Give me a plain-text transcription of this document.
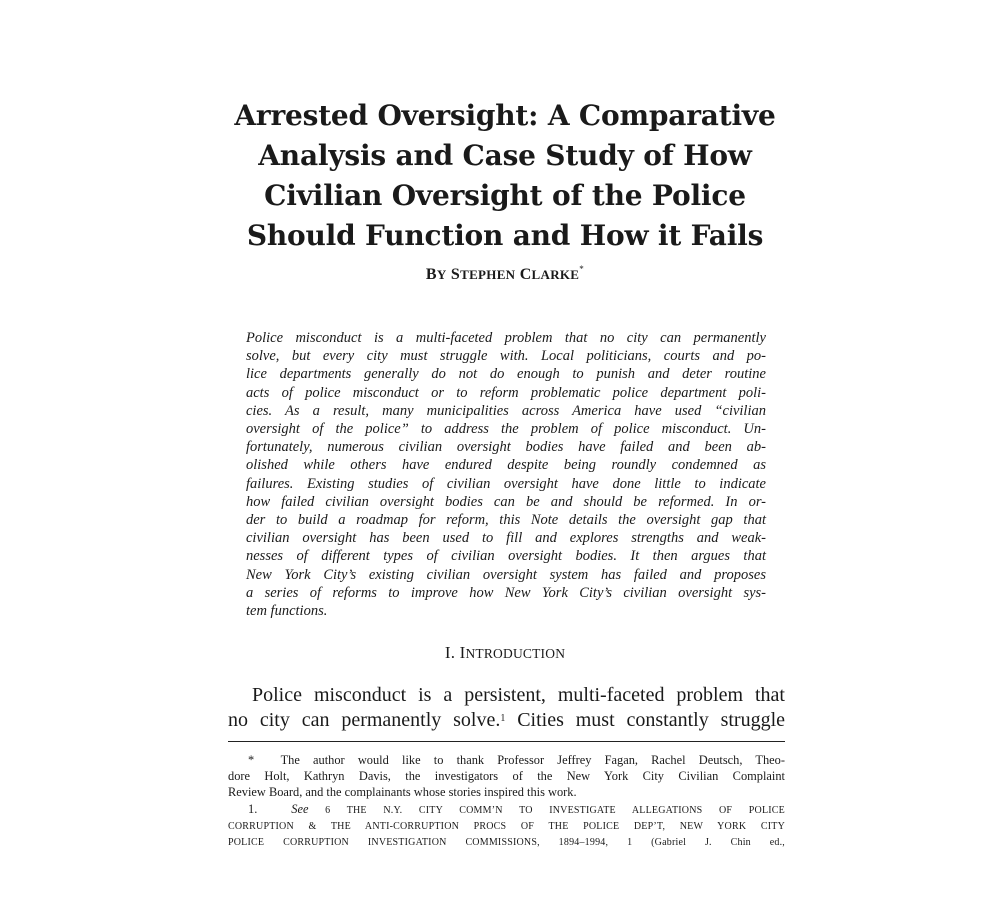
Arrested Oversight: A Comparative
Analysis and Case Study of How
Civilian Oversight of the Police
Should Function and How it Fails
BY STEPHEN CLARKE*
Police misconduct is a multi-faceted problem that no city can permanently
solve, but every city must struggle with. Local politicians, courts and po-
lice departments generally do not do enough to punish and deter routine
acts of police misconduct or to reform problematic police department poli-
cies. As a result, many municipalities across America have used “civilian
oversight of the police” to address the problem of police misconduct. Un-
fortunately, numerous civilian oversight bodies have failed and been ab-
olished while others have endured despite being roundly condemned as
failures. Existing studies of civilian oversight have done little to indicate
how failed civilian oversight bodies can be and should be reformed. In or-
der to build a roadmap for reform, this Note details the oversight gap that
civilian oversight has been used to fill and explores strengths and weak-
nesses of different types of civilian oversight bodies. It then argues that
New York City’s existing civilian oversight system has failed and proposes
a series of reforms to improve how New York City’s civilian oversight sys-
tem functions.
I. INTRODUCTION
Police misconduct is a persistent, multi-faceted problem that
no city can permanently solve.$^1$ Cities must constantly struggle
* The author would like to thank Professor Jeffrey Fagan, Rachel Deutsch, Theo-
dore Holt, Kathryn Davis, the investigators of the New York City Civilian Complaint
Review Board, and the complainants whose stories inspired this work.
1.	See 6 THE N.Y. CITY COMM’N TO INVESTIGATE ALLEGATIONS OF POLICE
CORRUPTION & THE ANTI-CORRUPTION PROCS OF THE POLICE DEP’T, NEW YORK CITY
POLICE CORRUPTION INVESTIGATION COMMISSIONS, 1894–1994, 1 (Gabriel J. Chin ed.,
